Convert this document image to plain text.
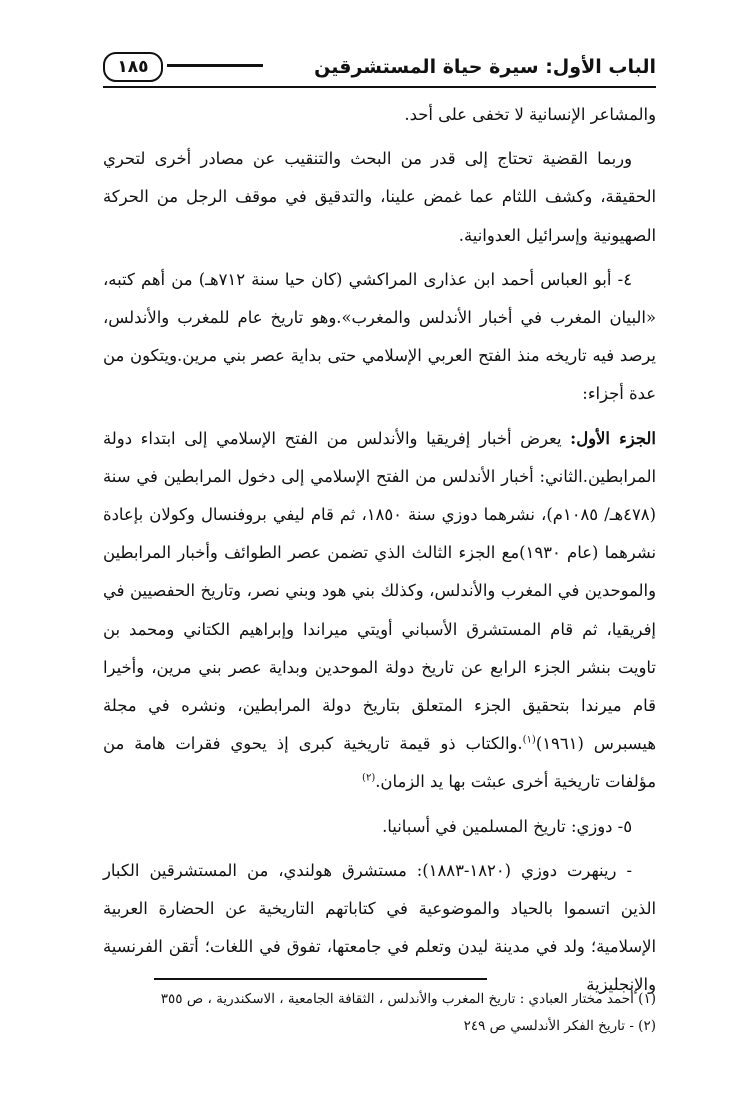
الباب الأول: سيرة حياة المستشرقين
١٨٥

والمشاعر الإنسانية لا تخفى على أحد.

وربما القضية تحتاج إلى قدر من البحث والتنقيب عن مصادر أخرى لتحري الحقيقة، وكشف اللثام عما غمض علينا، والتدقيق في موقف الرجل من الحركة الصهيونية وإسرائيل العدوانية.

٤- أبو العباس أحمد ابن عذارى المراكشي (كان حيا سنة ٧١٢هـ) من أهم كتبه، «البيان المغرب في أخبار الأندلس والمغرب».وهو تاريخ عام للمغرب والأندلس، يرصد فيه تاريخه منذ الفتح العربي الإسلامي حتى بداية عصر بني مرين.ويتكون من عدة أجزاء:

الجزء الأول: يعرض أخبار إفريقيا والأندلس من الفتح الإسلامي إلى ابتداء دولة المرابطين.الثاني: أخبار الأندلس من الفتح الإسلامي إلى دخول المرابطين في سنة (٤٧٨هـ/ ١٠٨٥م)، نشرهما دوزي سنة ١٨٥٠، ثم قام ليفي بروفنسال وكولان بإعادة نشرهما (عام ١٩٣٠)مع الجزء الثالث الذي تضمن عصر الطوائف وأخبار المرابطين والموحدين في المغرب والأندلس، وكذلك بني هود وبني نصر، وتاريخ الحفصيين في إفريقيا، ثم قام المستشرق الأسباني أويتي ميراندا وإبراهيم الكتاني ومحمد بن تاويت بنشر الجزء الرابع عن تاريخ دولة الموحدين وبداية عصر بني مرين، وأخيرا قام ميرندا بتحقيق الجزء المتعلق بتاريخ دولة المرابطين، ونشره في مجلة هيسبرس (١٩٦١)$^{(١)}$.والكتاب ذو قيمة تاريخية كبرى إذ يحوي فقرات هامة من مؤلفات تاريخية أخرى عبثت بها يد الزمان.$^{(٢)}$

٥- دوزي: تاريخ المسلمين في أسبانيا.

- رينهرت دوزي (١٨٢٠-١٨٨٣): مستشرق هولندي، من المستشرقين الكبار الذين اتسموا بالحياد والموضوعية في كتاباتهم التاريخية عن الحضارة العربية الإسلامية؛ ولد في مدينة ليدن وتعلم في جامعتها، تفوق في اللغات؛ أتقن الفرنسية والإنجليزية

(١) أحمد مختار العبادي : تاريخ المغرب والأندلس ، الثقافة الجامعية ، الاسكندرية ، ص ٣٥٥
(٢) - تاريخ الفكر الأندلسي ص ٢٤٩
